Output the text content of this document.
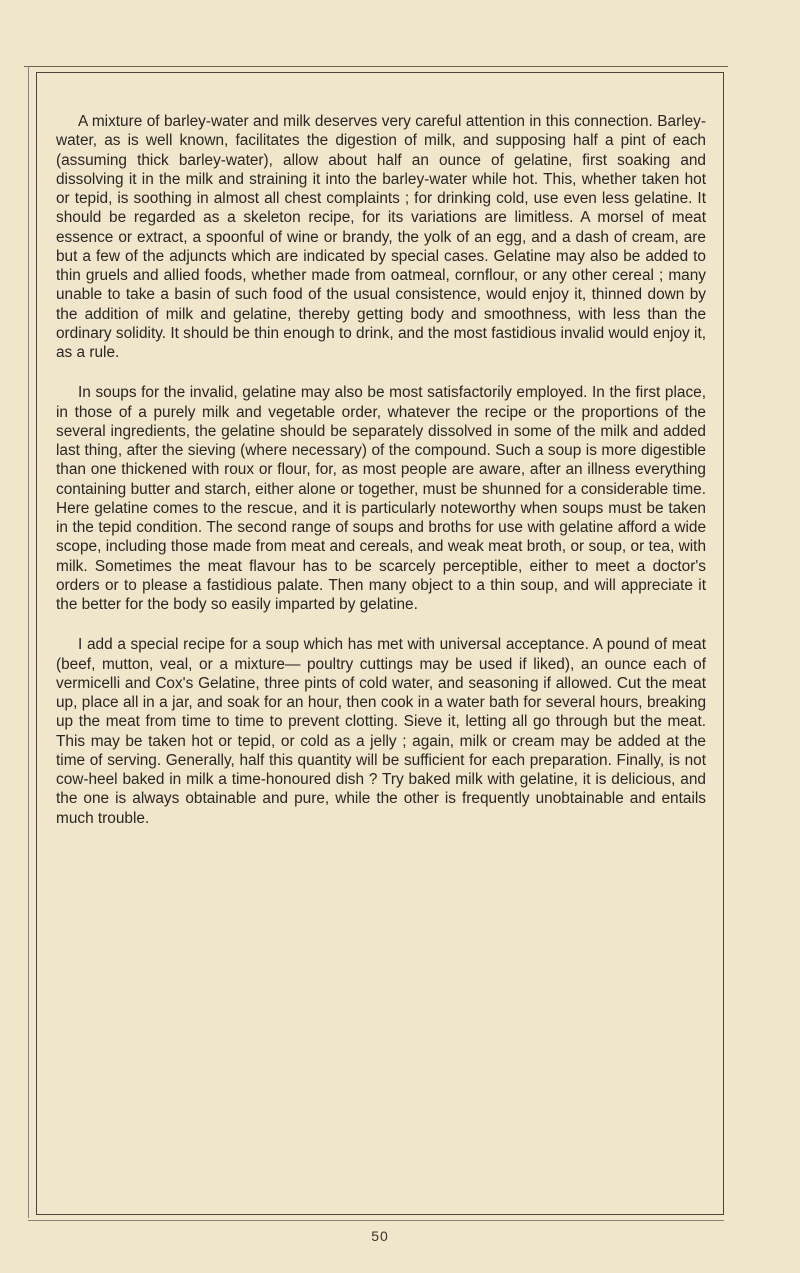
A mixture of barley-water and milk deserves very careful attention in this connection. Barley-water, as is well known, facilitates the digestion of milk, and supposing half a pint of each (assuming thick barley-water), allow about half an ounce of gelatine, first soaking and dissolving it in the milk and straining it into the barley-water while hot. This, whether taken hot or tepid, is soothing in almost all chest complaints ; for drinking cold, use even less gelatine. It should be regarded as a skeleton recipe, for its variations are limitless. A morsel of meat essence or extract, a spoonful of wine or brandy, the yolk of an egg, and a dash of cream, are but a few of the adjuncts which are indicated by special cases. Gelatine may also be added to thin gruels and allied foods, whether made from oatmeal, cornflour, or any other cereal ; many unable to take a basin of such food of the usual consistence, would enjoy it, thinned down by the addition of milk and gelatine, thereby getting body and smoothness, with less than the ordinary solidity. It should be thin enough to drink, and the most fastidious invalid would enjoy it, as a rule.

In soups for the invalid, gelatine may also be most satisfactorily employed. In the first place, in those of a purely milk and vegetable order, whatever the recipe or the proportions of the several ingredients, the gelatine should be separately dissolved in some of the milk and added last thing, after the sieving (where necessary) of the compound. Such a soup is more digestible than one thickened with roux or flour, for, as most people are aware, after an illness everything containing butter and starch, either alone or together, must be shunned for a considerable time. Here gelatine comes to the rescue, and it is particularly noteworthy when soups must be taken in the tepid condition. The second range of soups and broths for use with gelatine afford a wide scope, including those made from meat and cereals, and weak meat broth, or soup, or tea, with milk. Sometimes the meat flavour has to be scarcely perceptible, either to meet a doctor's orders or to please a fastidious palate. Then many object to a thin soup, and will appreciate it the better for the body so easily imparted by gelatine.

I add a special recipe for a soup which has met with universal acceptance. A pound of meat (beef, mutton, veal, or a mixture— poultry cuttings may be used if liked), an ounce each of vermicelli and Cox's Gelatine, three pints of cold water, and seasoning if allowed. Cut the meat up, place all in a jar, and soak for an hour, then cook in a water bath for several hours, breaking up the meat from time to time to prevent clotting. Sieve it, letting all go through but the meat. This may be taken hot or tepid, or cold as a jelly ; again, milk or cream may be added at the time of serving. Generally, half this quantity will be sufficient for each preparation. Finally, is not cow-heel baked in milk a time-honoured dish ? Try baked milk with gelatine, it is delicious, and the one is always obtainable and pure, while the other is frequently unobtainable and entails much trouble.

50
